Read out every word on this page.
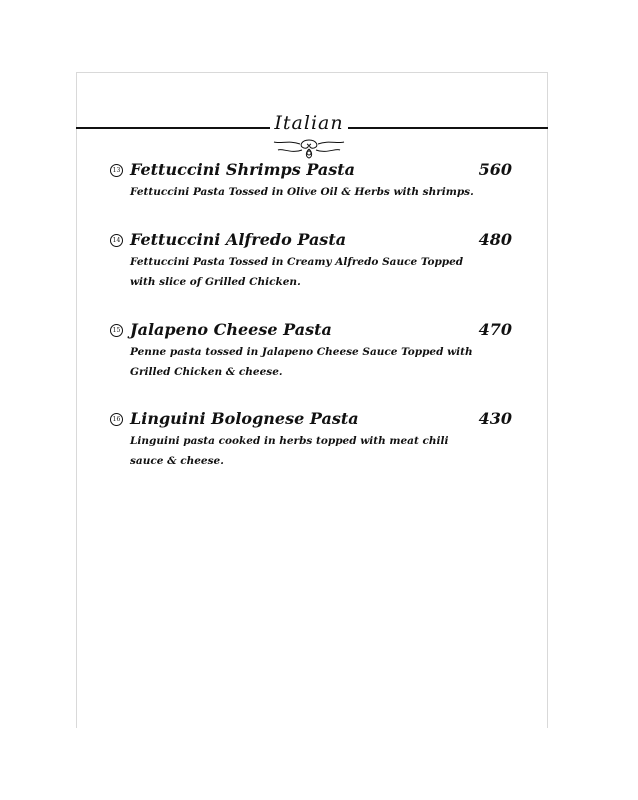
Italian
13 Fettuccini Shrimps Pasta	560
Fettuccini Pasta Tossed in Olive Oil & Herbs with shrimps.
14 Fettuccini Alfredo Pasta	480
Fettuccini Pasta Tossed in Creamy Alfredo Sauce Topped with slice of Grilled Chicken.
15 Jalapeno Cheese Pasta	470
Penne pasta tossed in Jalapeno Cheese Sauce Topped with Grilled Chicken & cheese.
16 Linguini Bolognese Pasta	430
Linguini pasta cooked in herbs topped with meat chili sauce & cheese.
